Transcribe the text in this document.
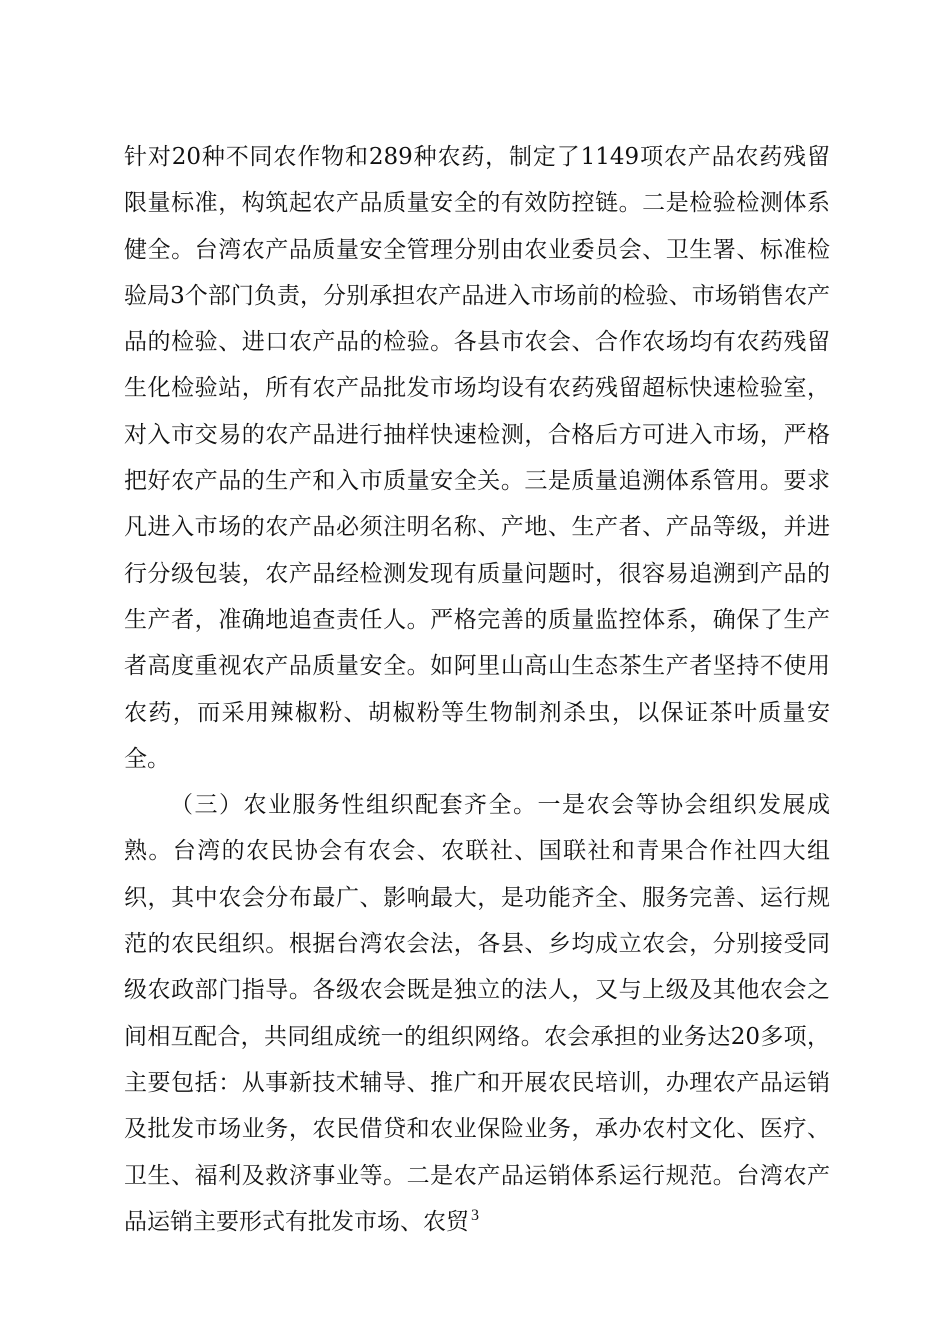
针对20种不同农作物和289种农药，制定了1149项农产品农药残留限量标准，构筑起农产品质量安全的有效防控链。二是检验检测体系健全。台湾农产品质量安全管理分别由农业委员会、卫生署、标准检验局3个部门负责，分别承担农产品进入市场前的检验、市场销售农产品的检验、进口农产品的检验。各县市农会、合作农场均有农药残留生化检验站，所有农产品批发市场均设有农药残留超标快速检验室，对入市交易的农产品进行抽样快速检测，合格后方可进入市场，严格把好农产品的生产和入市质量安全关。三是质量追溯体系管用。要求凡进入市场的农产品必须注明名称、产地、生产者、产品等级，并进行分级包装，农产品经检测发现有质量问题时，很容易追溯到产品的生产者，准确地追查责任人。严格完善的质量监控体系，确保了生产者高度重视农产品质量安全。如阿里山高山生态茶生产者坚持不使用农药，而采用辣椒粉、胡椒粉等生物制剂杀虫，以保证茶叶质量安全。

（三）农业服务性组织配套齐全。一是农会等协会组织发展成熟。台湾的农民协会有农会、农联社、国联社和青果合作社四大组织，其中农会分布最广、影响最大，是功能齐全、服务完善、运行规范的农民组织。根据台湾农会法，各县、乡均成立农会，分别接受同级农政部门指导。各级农会既是独立的法人，又与上级及其他农会之间相互配合，共同组成统一的组织网络。农会承担的业务达20多项，主要包括：从事新技术辅导、推广和开展农民培训，办理农产品运销及批发市场业务，农民借贷和农业保险业务，承办农村文化、医疗、卫生、福利及救济事业等。二是农产品运销体系运行规范。台湾农产品运销主要形式有批发市场、农贸 3
